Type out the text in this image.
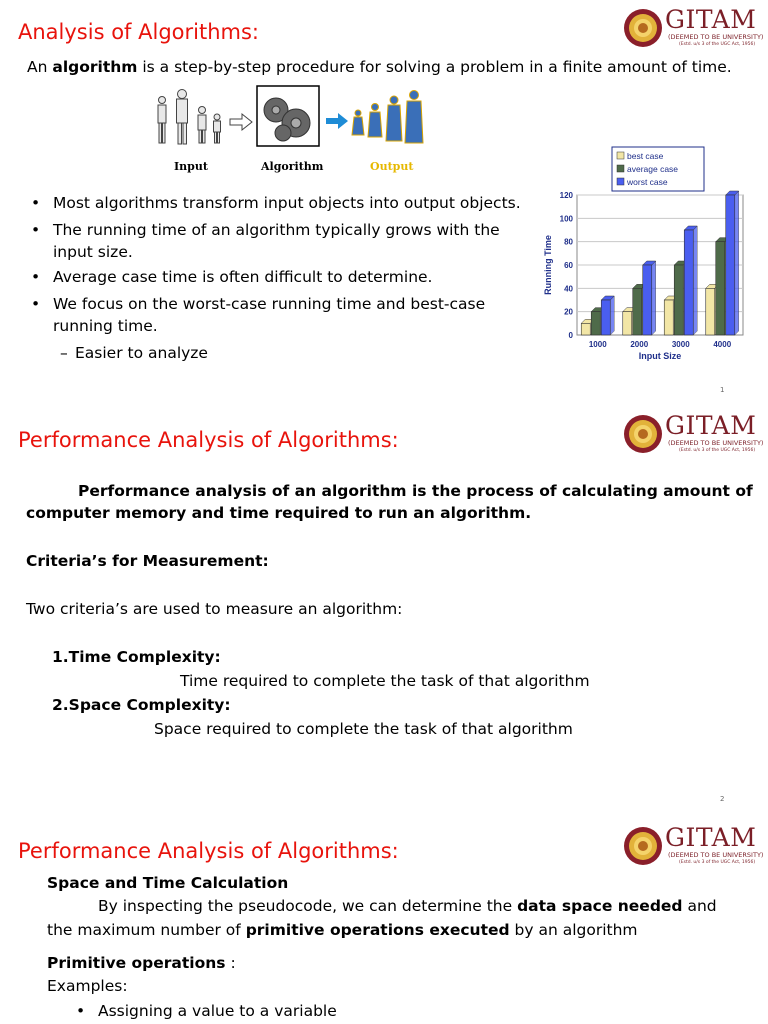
Analysis of Algorithms:	GITAM
(DEEMED TO BE UNIVERSITY)
(Estd. u/s 3 of the UGC Act, 1956)
An algorithm is a step-by-step procedure for solving a problem in a finite amount of time.
Input	Algorithm	Output
• Most algorithms transform input objects into output objects.
• The running time of an algorithm typically grows with the input size.
• Average case time is often difficult to determine.
• We focus on the worst-case running time and best-case running time.
– Easier to analyze
0
20
40
60
80
100
120
1000	2000	3000	4000
Input Size
Running Time
best case
average case
worst case
1
Performance Analysis of Algorithms:	GITAM
(DEEMED TO BE UNIVERSITY)
(Estd. u/s 3 of the UGC Act, 1956)
Performance analysis of an algorithm is the process of calculating amount of
computer memory and time required to run an algorithm.
Criteria’s for Measurement:
Two criteria’s are used to measure an algorithm:
1.Time Complexity:
Time required to complete the task of that algorithm
2.Space Complexity:
Space required to complete the task of that algorithm
2
Performance Analysis of Algorithms:	GITAM
(DEEMED TO BE UNIVERSITY)
(Estd. u/s 3 of the UGC Act, 1956)
Space and Time Calculation
By inspecting the pseudocode, we can determine the data space needed and
the maximum number of primitive operations executed by an algorithm
Primitive operations :
Examples:
• Assigning a value to a variable
